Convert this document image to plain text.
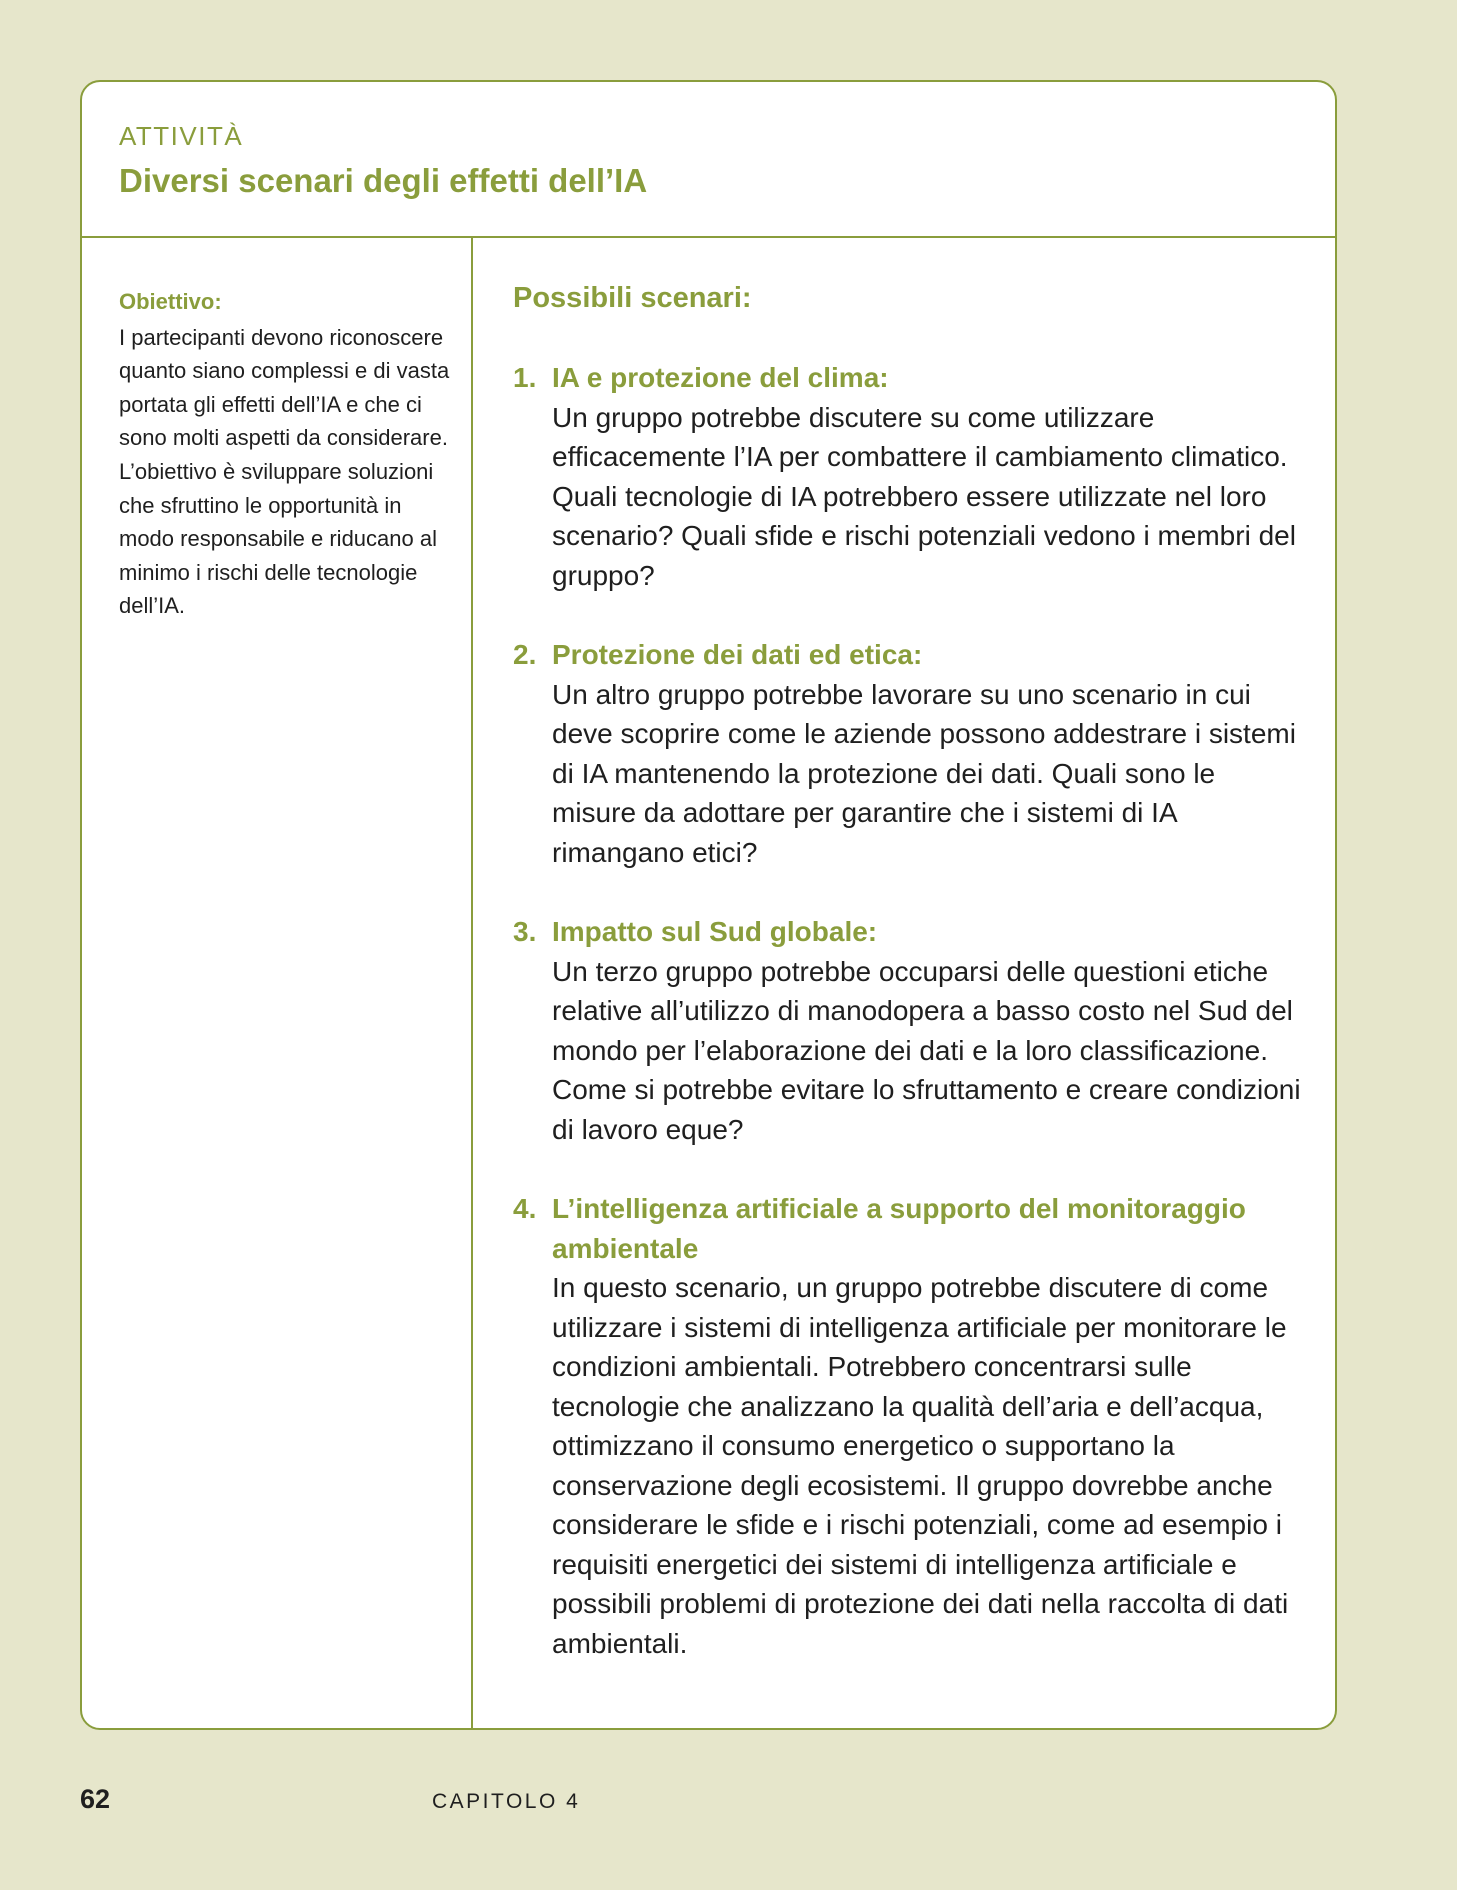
ATTIVITÀ
Diversi scenari degli effetti dell’IA
Obiettivo:
I partecipanti devono riconoscere quanto siano complessi e di vasta portata gli effetti dell’IA e che ci sono molti aspetti da considerare. L’obiettivo è sviluppare soluzioni che sfruttino le opportunità in modo responsabile e riducano al minimo i rischi delle tecnologie dell’IA.
Possibili scenari:
1. IA e protezione del clima:
Un gruppo potrebbe discutere su come utilizzare efficacemente l’IA per combattere il cambiamento climatico. Quali tecnologie di IA potrebbero essere utilizzate nel loro scenario? Quali sfide e rischi potenziali vedono i membri del gruppo?
2. Protezione dei dati ed etica:
Un altro gruppo potrebbe lavorare su uno scenario in cui deve scoprire come le aziende possono addestrare i sistemi di IA mantenendo la protezione dei dati. Quali sono le misure da adottare per garantire che i sistemi di IA rimangano etici?
3. Impatto sul Sud globale:
Un terzo gruppo potrebbe occuparsi delle questioni etiche relative all’utilizzo di manodopera a basso costo nel Sud del mondo per l’elaborazione dei dati e la loro classificazione. Come si potrebbe evitare lo sfruttamento e creare condizioni di lavoro eque?
4. L’intelligenza artificiale a supporto del monitoraggio ambientale
In questo scenario, un gruppo potrebbe discutere di come utilizzare i sistemi di intelligenza artificiale per monitorare le condizioni ambientali. Potrebbero concentrarsi sulle tecnologie che analizzano la qualità dell’aria e dell’acqua, ottimizzano il consumo energetico o supportano la conservazione degli ecosistemi. Il gruppo dovrebbe anche considerare le sfide e i rischi potenziali, come ad esempio i requisiti energetici dei sistemi di intelligenza artificiale e possibili problemi di protezione dei dati nella raccolta di dati ambientali.
62	CAPITOLO 4
